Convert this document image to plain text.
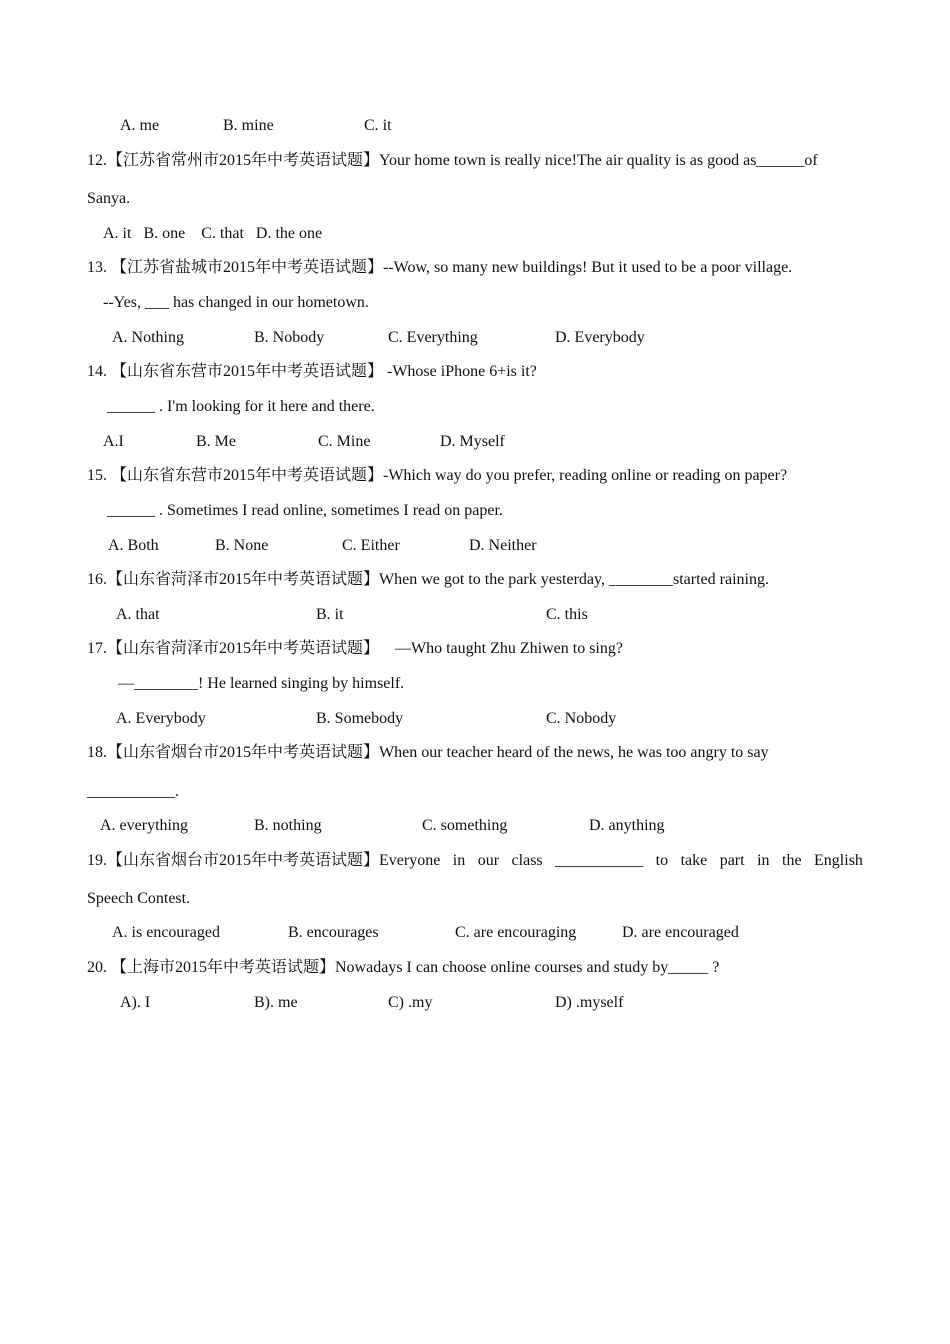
A. me	B. mine	C. it
12.【江苏省常州市2015年中考英语试题】Your home town is really nice!The air quality is as good as______of
Sanya.
A. it   B. one    C. that   D. the one
13. 【江苏省盐城市2015年中考英语试题】--Wow, so many new buildings! But it used to be a poor village.
--Yes, ___ has changed in our hometown.
A. Nothing	B. Nobody	C. Everything	D. Everybody
14. 【山东省东营市2015年中考英语试题】 -Whose iPhone 6+is it?
______ . I'm looking for it here and there.
A.I	B. Me	C. Mine	D. Myself
15. 【山东省东营市2015年中考英语试题】-Which way do you prefer, reading online or reading on paper?
______ . Sometimes I read online, sometimes I read on paper.
A. Both	B. None	C. Either	D. Neither
16.【山东省菏泽市2015年中考英语试题】When we got to the park yesterday, ________started raining.
A. that	B. it	C. this
17.【山东省菏泽市2015年中考英语试题】    —Who taught Zhu Zhiwen to sing?
—________! He learned singing by himself.
A. Everybody	B. Somebody	C. Nobody
18.【山东省烟台市2015年中考英语试题】When our teacher heard of the news, he was too angry to say
___________.
A. everything	B. nothing	C. something	D. anything
19.【山东省烟台市2015年中考英语试题】Everyone in our class ___________ to take part in the English
Speech Contest.
A. is encouraged	B. encourages	C. are encouraging	D. are encouraged
20. 【上海市2015年中考英语试题】Nowadays I can choose online courses and study by_____ ?
A). I	B). me	C) .my	D) .myself
